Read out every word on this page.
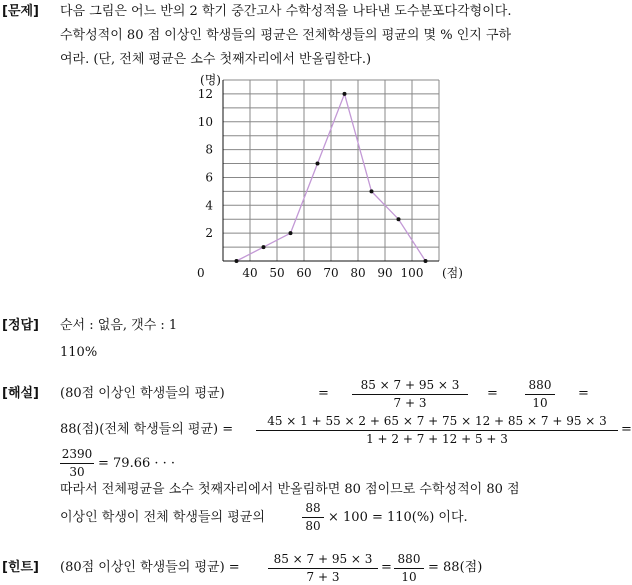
[문제] 다음 그림은 어느 반의 2 학기 중간고사 수학성적을 나타낸 도수분포다각형이다.
수학성적이 80 점 이상인 학생들의 평균은 전체학생들의 평균의 몇 % 인지 구하
여라. (단, 전체 평균은 소수 첫째자리에서 반올림한다.)
40 50 60 70 80 90 100
2
4
6
8
10
12
(명)
(점)
0
[정답] 순서 : 없음, 갯수 : 1
110%
[해설] (80점 이상인 학생들의 평균)	=
85 × 7 + 95 × 3
7 + 3
=
880
10
=
88(점)(전체 학생들의 평균) =
45 × 1 + 55 × 2 + 65 × 7 + 75 × 12 + 85 × 7 + 95 × 3
1 + 2 + 7 + 12 + 5 + 3
=
2390
30
= 79.66 · · ·
따라서 전체평균을 소수 첫째자리에서 반올림하면 80 점이므로 수학성적이 80 점
이상인 학생이 전체 학생들의 평균의
88
80
× 100 = 110(%) 이다.
[힌트] (80점 이상인 학생들의 평균) =
85 × 7 + 95 × 3
7 + 3
=
880
10
= 88(점)
